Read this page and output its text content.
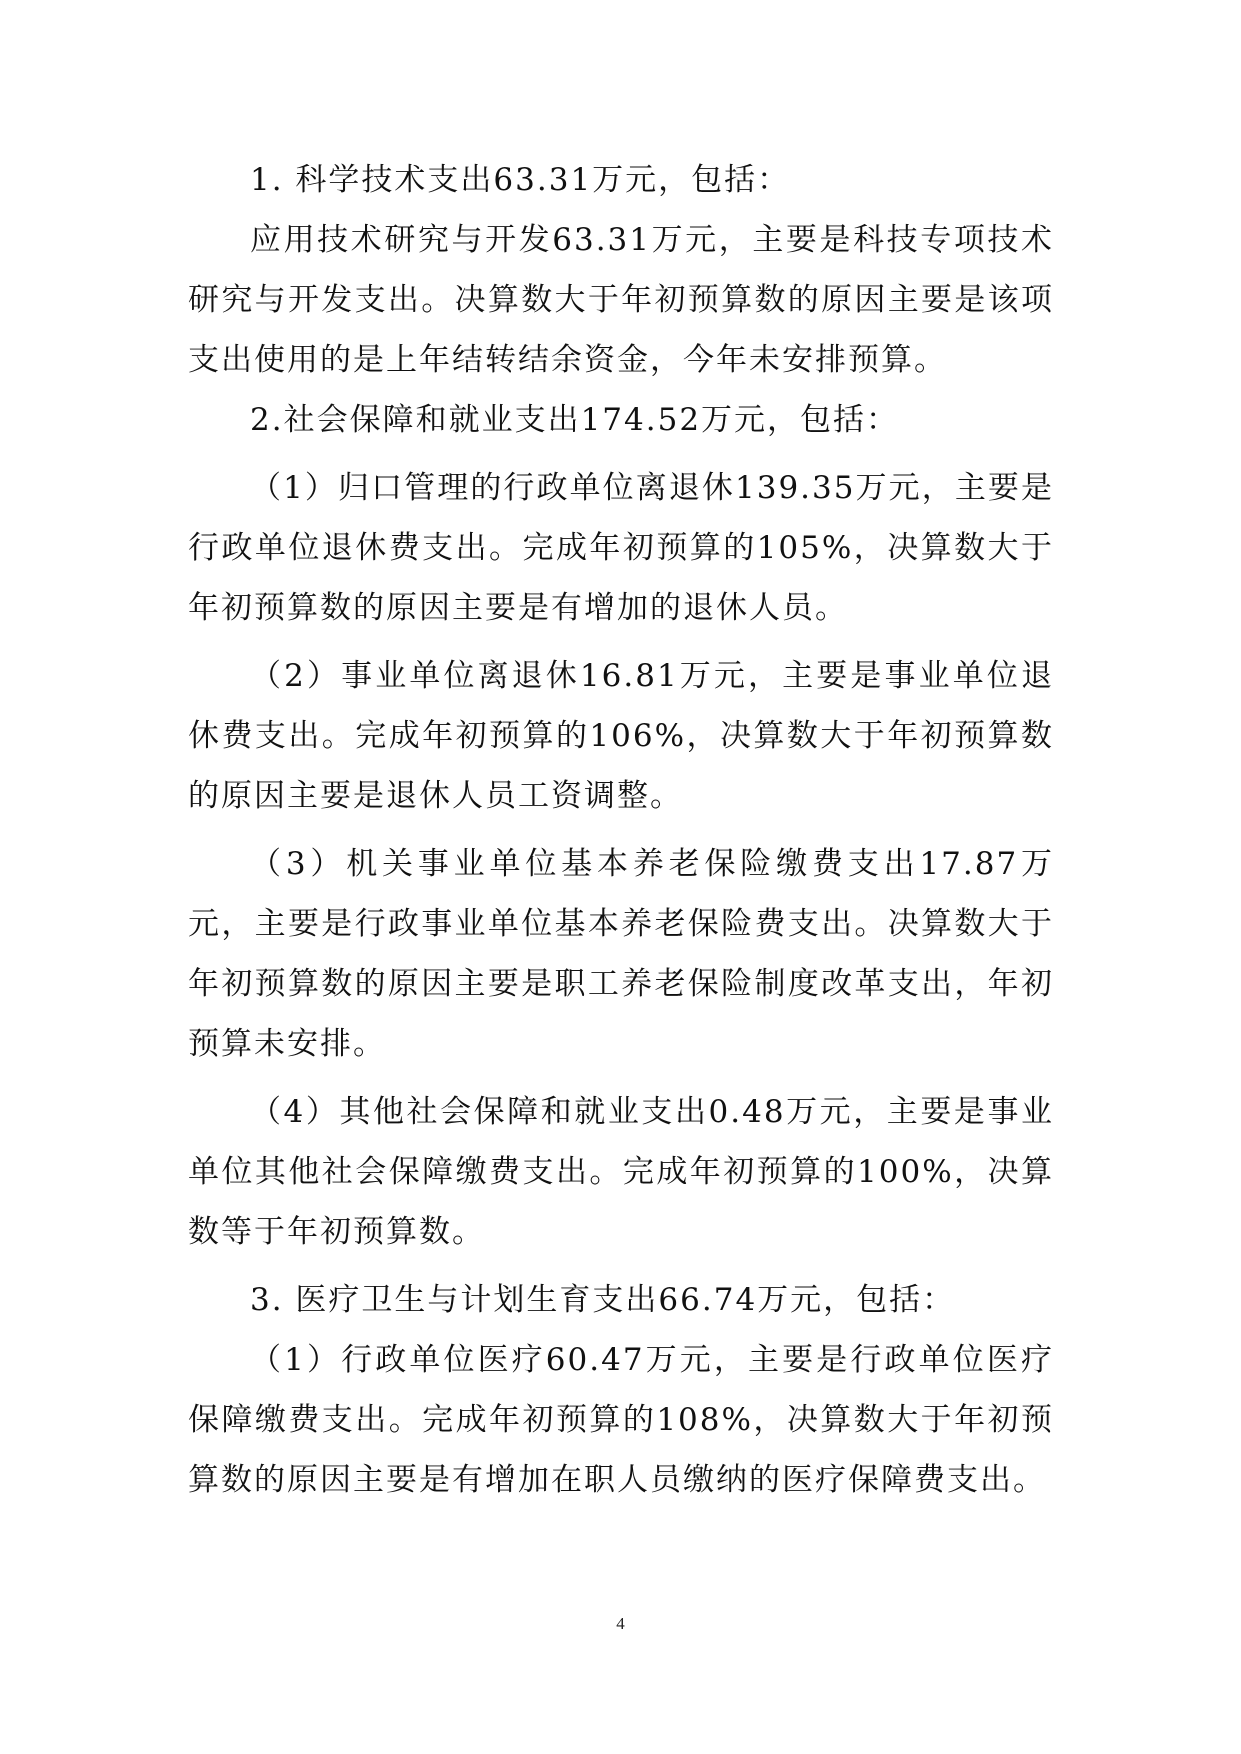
1. 科学技术支出63.31万元，包括：

应用技术研究与开发63.31万元，主要是科技专项技术研究与开发支出。决算数大于年初预算数的原因主要是该项支出使用的是上年结转结余资金，今年未安排预算。

2.社会保障和就业支出174.52万元，包括：

（1）归口管理的行政单位离退休139.35万元，主要是行政单位退休费支出。完成年初预算的105%，决算数大于年初预算数的原因主要是有增加的退休人员。

（2）事业单位离退休16.81万元，主要是事业单位退休费支出。完成年初预算的106%，决算数大于年初预算数的原因主要是退休人员工资调整。

（3）机关事业单位基本养老保险缴费支出17.87万元，主要是行政事业单位基本养老保险费支出。决算数大于年初预算数的原因主要是职工养老保险制度改革支出，年初预算未安排。

（4）其他社会保障和就业支出0.48万元，主要是事业单位其他社会保障缴费支出。完成年初预算的100%，决算数等于年初预算数。

3. 医疗卫生与计划生育支出66.74万元，包括：

（1）行政单位医疗60.47万元，主要是行政单位医疗保障缴费支出。完成年初预算的108%，决算数大于年初预算数的原因主要是有增加在职人员缴纳的医疗保障费支出。

4
